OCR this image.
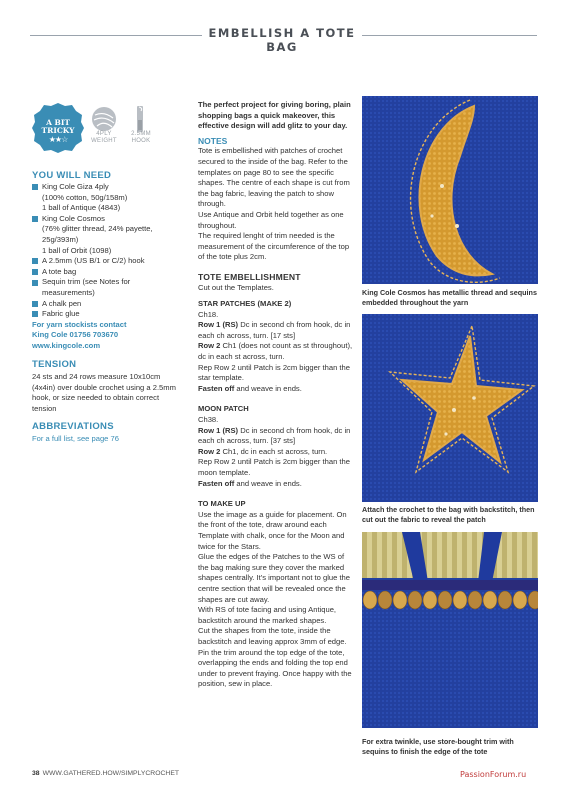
EMBELLISH A TOTE BAG
A BIT
TRICKY
★★☆
4PLY
WEIGHT
2.5MM
HOOK
YOU WILL NEED
King Cole Giza 4ply
(100% cotton, 50g/158m)
1 ball of Antique (4843)
King Cole Cosmos
(76% glitter thread, 24% payette,
25g/393m)
1 ball of Orbit (1098)
A 2.5mm (US B/1 or C/2) hook
A tote bag
Sequin trim (see Notes for
measurements)
A chalk pen
Fabric glue
For yarn stockists contact
King Cole 01756 703670
www.kingcole.com
TENSION
24 sts and 24 rows measure 10x10cm (4x4in) over double crochet using a 2.5mm hook, or size needed to obtain correct tension
ABBREVIATIONS
For a full list, see page 76

The perfect project for giving boring, plain shopping bags a quick makeover, this effective design will add glitz to your day.

NOTES

Tote is embellished with patches of crochet secured to the inside of the bag. Refer to the templates on page 80 to see the specific shapes. The centre of each shape is cut from the bag fabric, leaving the patch to show through.

Use Antique and Orbit held together as one throughout.

The required lenght of trim needed is the measurement of the circumference of the top of the tote plus 2cm.

TOTE EMBELLISHMENT

Cut out the Templates.

STAR PATCHES (MAKE 2)

Ch18.

Row 1 (RS) Dc in second ch from hook, dc in each ch across, turn. [17 sts]

Row 2 Ch1 (does not count as st throughout), dc in each st across, turn.

Rep Row 2 until Patch is 2cm bigger than the star template.

Fasten off and weave in ends.

MOON PATCH

Ch38.

Row 1 (RS) Dc in second ch from hook, dc in each ch across, turn. [37 sts]

Row 2 Ch1, dc in each st across, turn.

Rep Row 2 until Patch is 2cm bigger than the moon template.

Fasten off and weave in ends.

TO MAKE UP

Use the image as a guide for placement. On the front of the tote, draw around each Template with chalk, once for the Moon and twice for the Stars.

Glue the edges of the Patches to the WS of the bag making sure they cover the marked shapes centrally. It's important not to glue the centre section that will be revealed once the shapes are cut away.

With RS of tote facing and using Antique, backstitch around the marked shapes.

Cut the shapes from the tote, inside the backstitch and leaving approx 3mm of edge.

Pin the trim around the top edge of the tote, overlapping the ends and folding the top end under to prevent fraying. Once happy with the position, sew in place.

King Cole Cosmos has metallic thread and sequins embedded throughout the yarn
Attach the crochet to the bag with backstitch, then cut out the fabric to reveal the patch
For extra twinkle, use store-bought trim with sequins to finish the edge of the tote
38 WWW.GATHERED.HOW/SIMPLYCROCHET	PassionForum.ru
